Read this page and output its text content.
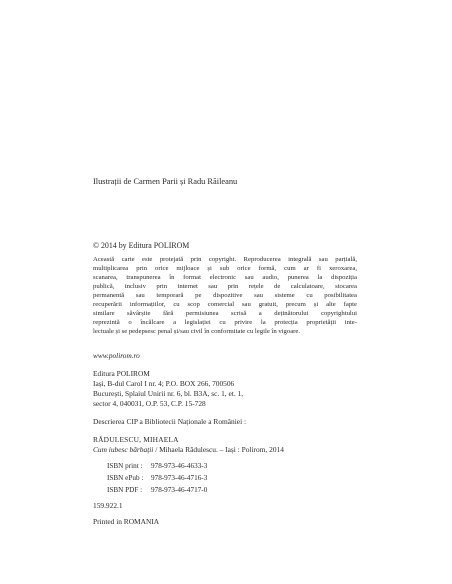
Ilustrații de Carmen Parii și Radu Răileanu
© 2014 by Editura POLIROM
Această carte este protejată prin copyright. Reproducerea integrală sau parțială,
multiplicarea prin orice mijloace și sub orice formă, cum ar fi xeroxarea,
scanarea, transpunerea în format electronic sau audio, punerea la dispoziția
publică, inclusiv prin internet sau prin rețele de calculatoare, stocarea
permanentă sau temporară pe dispozitive sau sisteme cu posibilitatea
recuperării informațiilor, cu scop comercial sau gratuit, precum și alte fapte
similare săvârșite fără permisiunea scrisă a deținătorului copyrightului
reprezintă o încălcare a legislației cu privire la protecția proprietății inte-
lectuale și se pedepsesc penal și/sau civil în conformitate cu legile în vigoare.
www.polirom.ro
Editura POLIROM
Iași, B-dul Carol I nr. 4; P.O. BOX 266, 700506
București, Splaiul Unirii nr. 6, bl. B3A, sc. 1, et. 1,
sector 4, 040031, O.P. 53, C.P. 15-728
Descrierea CIP a Bibliotecii Naționale a României :
RĂDULESCU, MIHAELA
Cum iubesc bărbații / Mihaela Rădulescu. – Iași : Polirom, 2014
ISBN print : 978-973-46-4633-3
ISBN ePub : 978-973-46-4716-3
ISBN PDF : 978-973-46-4717-0
159.922.1
Printed in ROMANIA
